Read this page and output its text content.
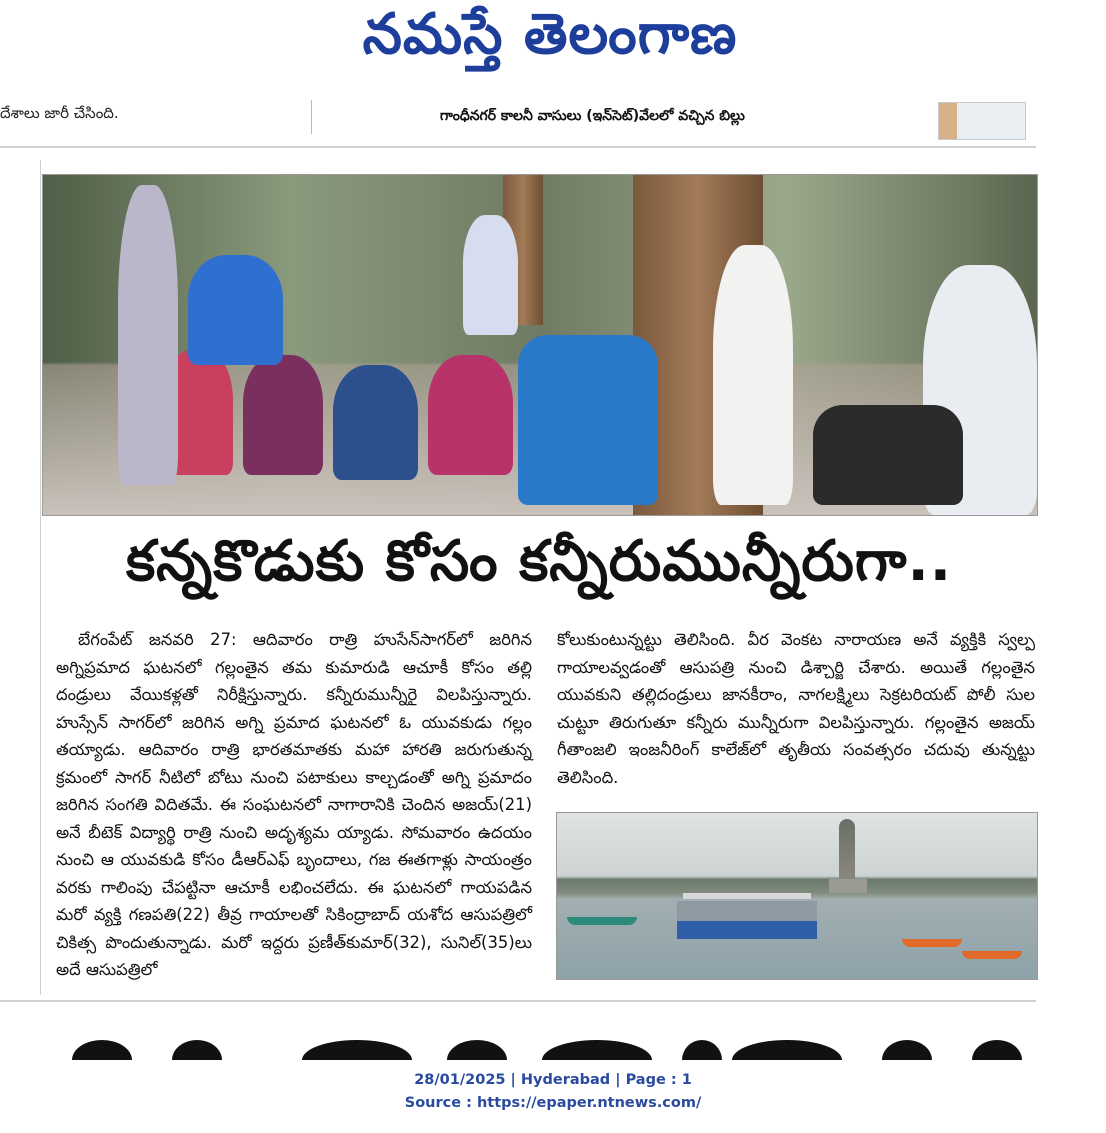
నమస్తే తెలంగాణ
దేశాలు జారీ చేసింది.	గాంధీనగర్ కాలనీ వాసులు (ఇన్‌సెట్)వేలలో వచ్చిన బిల్లు
కన్నకొడుకు కోసం కన్నీరుమున్నీరుగా..

బేగంపేట్ జనవరి 27: ఆదివారం రాత్రి హుసేన్‌సాగర్‌లో జరిగిన అగ్నిప్రమాద ఘటనలో గల్లంతైన తమ కుమారుడి ఆచూకీ కోసం తల్లి దండ్రులు వేయికళ్లతో నిరీక్షిస్తున్నారు. కన్నీరుమున్నీరై విలపిస్తున్నారు. హుస్సేన్ సాగర్‌లో జరిగిన అగ్ని ప్రమాద ఘటనలో ఓ యువకుడు గల్లం తయ్యాడు. ఆదివారం రాత్రి భారతమాతకు మహా హారతి జరుగుతున్న క్రమంలో సాగర్ నీటిలో బోటు నుంచి పటాకులు కాల్చడంతో అగ్ని ప్రమాదం జరిగిన సంగతి విదితమే. ఈ సంఘటనలో నాగారానికి చెందిన అజయ్(21) అనే బీటెక్ విద్యార్థి రాత్రి నుంచి అదృశ్యమ య్యాడు. సోమవారం ఉదయం నుంచి ఆ యువకుడి కోసం డీఆర్ఎఫ్ బృందాలు, గజ ఈతగాళ్లు సాయంత్రం వరకు గాలింపు చేపట్టినా ఆచూకీ లభించలేదు. ఈ ఘటనలో గాయపడిన మరో వ్యక్తి గణపతి(22) తీవ్ర గాయాలతో సికింద్రాబాద్ యశోద ఆసుపత్రిలో చికిత్స పొందుతున్నాడు. మరో ఇద్దరు ప్రణీత్‌కుమార్(32), సునిల్(35)లు అదే ఆసుపత్రిలో

కోలుకుంటున్నట్టు తెలిసింది. వీర వెంకట నారాయణ అనే వ్యక్తికి స్వల్ప గాయాలవ్వడంతో ఆసుపత్రి నుంచి డిశ్చార్జి చేశారు. అయితే గల్లంతైన యువకుని తల్లిదండ్రులు జానకీరాం, నాగలక్ష్మిలు సెక్రటరియట్ పోలీ సుల చుట్టూ తిరుగుతూ కన్నీరు మున్నీరుగా విలపిస్తున్నారు. గల్లంతైన అజయ్ గీతాంజలి ఇంజనీరింగ్ కాలేజ్‌లో తృతీయ సంవత్సరం చదువు తున్నట్టు తెలిసింది.

28/01/2025 | Hyderabad | Page : 1
Source : https://epaper.ntnews.com/
